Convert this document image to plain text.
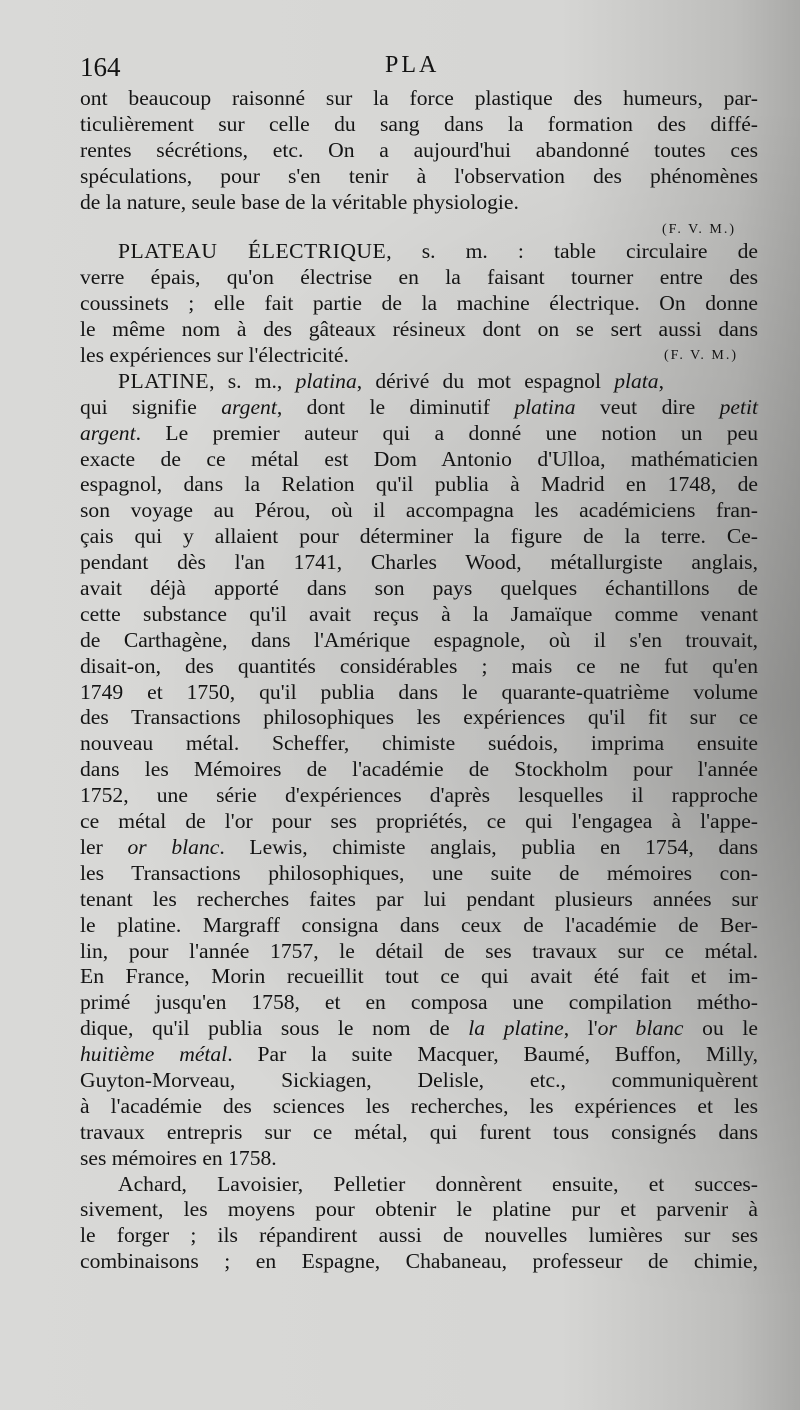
164	PLA
ont beaucoup raisonné sur la force plastique des humeurs, par-
ticulièrement sur celle du sang dans la formation des diffé-
rentes sécrétions, etc. On a aujourd'hui abandonné toutes ces
spéculations, pour s'en tenir à l'observation des phénomènes
de la nature, seule base de la véritable physiologie.
(F. V. M.)
PLATEAU ÉLECTRIQUE, s. m. : table circulaire de
verre épais, qu'on électrise en la faisant tourner entre des
coussinets ; elle fait partie de la machine électrique. On donne
le même nom à des gâteaux résineux dont on se sert aussi dans
les expériences sur l'électricité.	(F. V. M.)
PLATINE, s. m., platina, dérivé du mot espagnol plata,
qui signifie argent, dont le diminutif platina veut dire petit
argent. Le premier auteur qui a donné une notion un peu
exacte de ce métal est Dom Antonio d'Ulloa, mathématicien
espagnol, dans la Relation qu'il publia à Madrid en 1748, de
son voyage au Pérou, où il accompagna les académiciens fran-
çais qui y allaient pour déterminer la figure de la terre. Ce-
pendant dès l'an 1741, Charles Wood, métallurgiste anglais,
avait déjà apporté dans son pays quelques échantillons de
cette substance qu'il avait reçus à la Jamaïque comme venant
de Carthagène, dans l'Amérique espagnole, où il s'en trouvait,
disait-on, des quantités considérables ; mais ce ne fut qu'en
1749 et 1750, qu'il publia dans le quarante-quatrième volume
des Transactions philosophiques les expériences qu'il fit sur ce
nouveau métal. Scheffer, chimiste suédois, imprima ensuite
dans les Mémoires de l'académie de Stockholm pour l'année
1752, une série d'expériences d'après lesquelles il rapproche
ce métal de l'or pour ses propriétés, ce qui l'engagea à l'appe-
ler or blanc. Lewis, chimiste anglais, publia en 1754, dans
les Transactions philosophiques, une suite de mémoires con-
tenant les recherches faites par lui pendant plusieurs années sur
le platine. Margraff consigna dans ceux de l'académie de Ber-
lin, pour l'année 1757, le détail de ses travaux sur ce métal.
En France, Morin recueillit tout ce qui avait été fait et im-
primé jusqu'en 1758, et en composa une compilation métho-
dique, qu'il publia sous le nom de la platine, l'or blanc ou le
huitième métal. Par la suite Macquer, Baumé, Buffon, Milly,
Guyton-Morveau, Sickiagen, Delisle, etc., communiquèrent
à l'académie des sciences les recherches, les expériences et les
travaux entrepris sur ce métal, qui furent tous consignés dans
ses mémoires en 1758.
Achard, Lavoisier, Pelletier donnèrent ensuite, et succes-
sivement, les moyens pour obtenir le platine pur et parvenir à
le forger ; ils répandirent aussi de nouvelles lumières sur ses
combinaisons ; en Espagne, Chabaneau, professeur de chimie,
